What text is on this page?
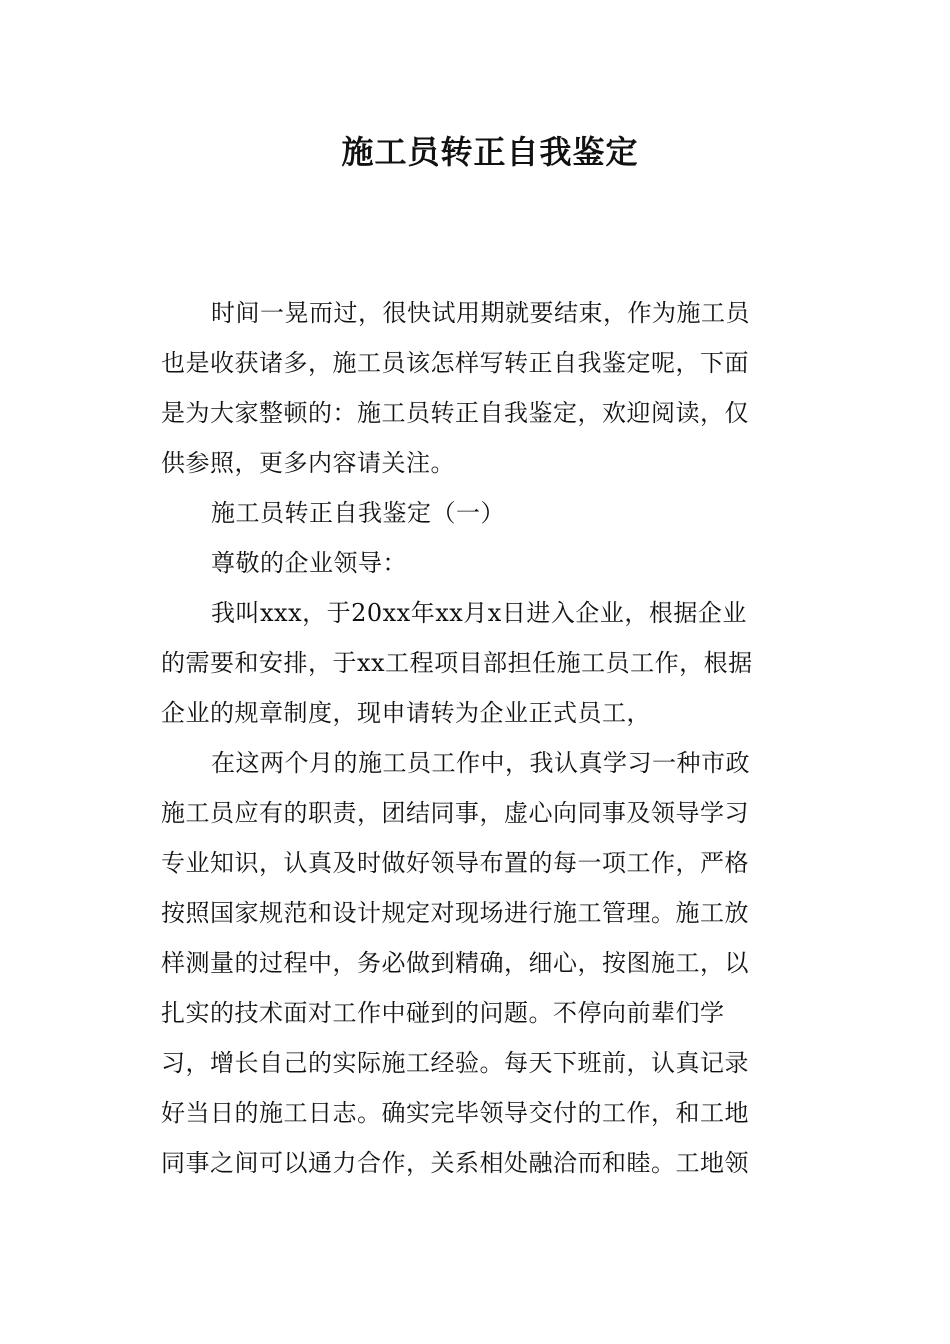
施工员转正自我鉴定
时间一晃而过，很快试用期就要结束，作为施工员
也是收获诸多，施工员该怎样写转正自我鉴定呢，下面
是为大家整顿的：施工员转正自我鉴定，欢迎阅读，仅
供参照，更多内容请关注。
施工员转正自我鉴定（一）
尊敬的企业领导：
我叫xxx，于20xx年xx月x日进入企业，根据企业
的需要和安排，于xx工程项目部担任施工员工作，根据
企业的规章制度，现申请转为企业正式员工，
在这两个月的施工员工作中，我认真学习一种市政
施工员应有的职责，团结同事，虚心向同事及领导学习
专业知识，认真及时做好领导布置的每一项工作，严格
按照国家规范和设计规定对现场进行施工管理。施工放
样测量的过程中，务必做到精确，细心，按图施工，以
扎实的技术面对工作中碰到的问题。不停向前辈们学
习，增长自己的实际施工经验。每天下班前，认真记录
好当日的施工日志。确实完毕领导交付的工作，和工地
同事之间可以通力合作，关系相处融洽而和睦。工地领
